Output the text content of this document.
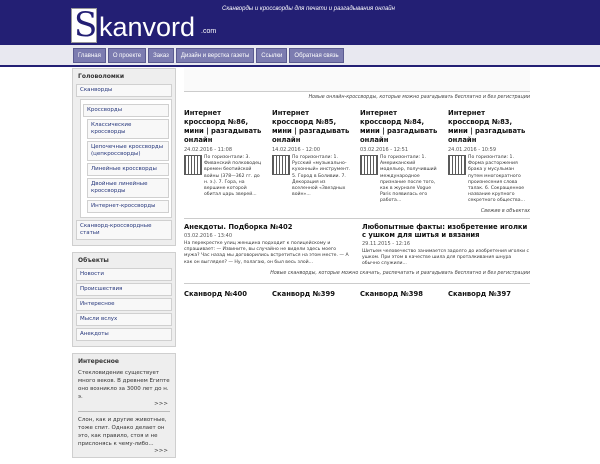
S kanvord .com
Сканворды и кроссворды для печати и разгадывания онлайн
Главная	О проекте	Заказ	Дизайн и верстка газеты	Ссылки	Обратная связь
Головоломки
Сканворды
Кроссворды
Классические кроссворды
Цепочечные кроссворды (цепкроссворды)
Линейные кроссворды
Двойные линейные кроссворды
Интернет-кроссворды
Сканворд-кроссвордные статьи
Объекты
Новости
Происшествия
Интересное
Мысли вслух
Анекдоты
Интересное
Стекловидение существует много веков. В древнем Египте оно возникло за 3000 лет до н. э.
>>>
Слон, как и другие животные, тоже спит. Однако делает он это, как правило, стоя и не прислонясь к чему-либо...
>>>
Новые онлайн-кроссворды, которые можно разгадывать бесплатно и без регистрации
Интернет кроссворд №86, мини | разгадывать онлайн
24.02.2016 - 11:08
По горизонтали: 3. Фиванский полководец времен беотийской войны (378—362 гг. до н. э.). 7. Гора, на вершине которой обитал царь зверей...
Интернет кроссворд №85, мини | разгадывать онлайн
14.02.2016 - 12:00
По горизонтали: 1. Русский «музыкально-кухонный» инструмент. 5. Город в Боливии. 7. Декорация из вселенной «Звездных войн»...
Интернет кроссворд №84, мини | разгадывать онлайн
03.02.2016 - 12:51
По горизонтали: 1. Американский модельер, получивший международное признание после того, как в журнале Vogue Paris появилась его работа...
Интернет кроссворд №83, мини | разгадывать онлайн
24.01.2016 - 10:59
По горизонтали: 1. Форма расторжения брака у мусульман путем многократного произнесения слова талак. 6. Сокращенное название крупного секретного общества...
Свежие в объектах
Анекдоты. Подборка №402
03.02.2016 - 13:40
На перекрестке улиц женщина подходит к полицейскому и спрашивает: — Извините, вы случайно не видели здесь моего мужа? Час назад мы договорились встретиться на этом месте. — А как он выглядел? — Ну, полагаю, он был весь злой...
Любопытные факты: изобретение иголки с ушком для шитья и вязания
29.11.2015 - 12:16
Шитьем человечество занимается задолго до изобретения иголки с ушком. При этом в качестве шила для проталкивания шнура обычно служили...
Новые сканворды, которые можно скачать, распечатать и разгадывать бесплатно и без регистрации
Сканворд №400	Сканворд №399	Сканворд №398	Сканворд №397
